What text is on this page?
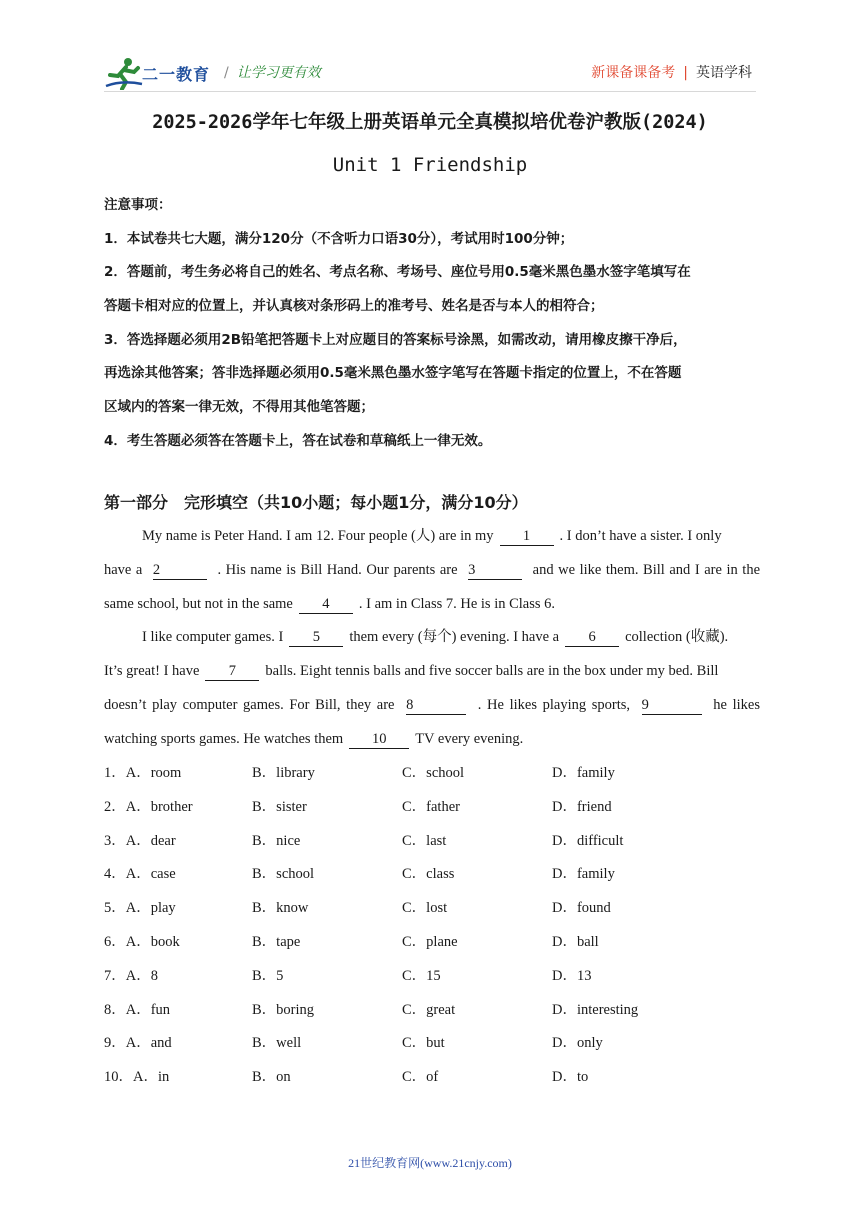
二一教育 / 让学习更有效	新课备课备考 | 英语学科
2025-2026学年七年级上册英语单元全真模拟培优卷沪教版(2024)
Unit 1 Friendship
注意事项：
1．本试卷共七大题，满分120分（不含听力口语30分），考试用时100分钟；
2．答题前，考生务必将自己的姓名、考点名称、考场号、座位号用0.5毫米黑色墨水签字笔填写在
答题卡相对应的位置上，并认真核对条形码上的准考号、姓名是否与本人的相符合；
3．答选择题必须用2B铅笔把答题卡上对应题目的答案标号涂黑，如需改动，请用橡皮擦干净后，
再选涂其他答案；答非选择题必须用0.5毫米黑色墨水签字笔写在答题卡指定的位置上，不在答题
区域内的答案一律无效，不得用其他笔答题；
4．考生答题必须答在答题卡上，答在试卷和草稿纸上一律无效。
第一部分　完形填空（共10小题；每小题1分，满分10分）
My name is Peter Hand. I am 12. Four people (人) are in my 1 . I don’t have a sister. I only
have a 2	. His name is Bill Hand. Our parents are 3	and we like them. Bill and I are in the
same school, but not in the same 4 . I am in Class 7. He is in Class 6.
I like computer games. I 5 them every (每个) evening. I have a 6 collection (收藏).
It’s great! I have 7 balls. Eight tennis balls and five soccer balls are in the box under my bed. Bill
doesn’t play computer games. For Bill, they are 8	. He likes playing sports, 9	he likes
watching sports games. He watches them 10 TV every evening.
1．A．room	B．library	C．school	D．family
2．A．brother	B．sister	C．father	D．friend
3．A．dear	B．nice	C．last	D．difficult
4．A．case	B．school	C．class	D．family
5．A．play	B．know	C．lost	D．found
6．A．book	B．tape	C．plane	D．ball
7．A．8	B．5	C．15	D．13
8．A．fun	B．boring	C．great	D．interesting
9．A．and	B．well	C．but	D．only
10．A．in	B．on	C．of	D．to
21世纪教育网(www.21cnjy.com)
